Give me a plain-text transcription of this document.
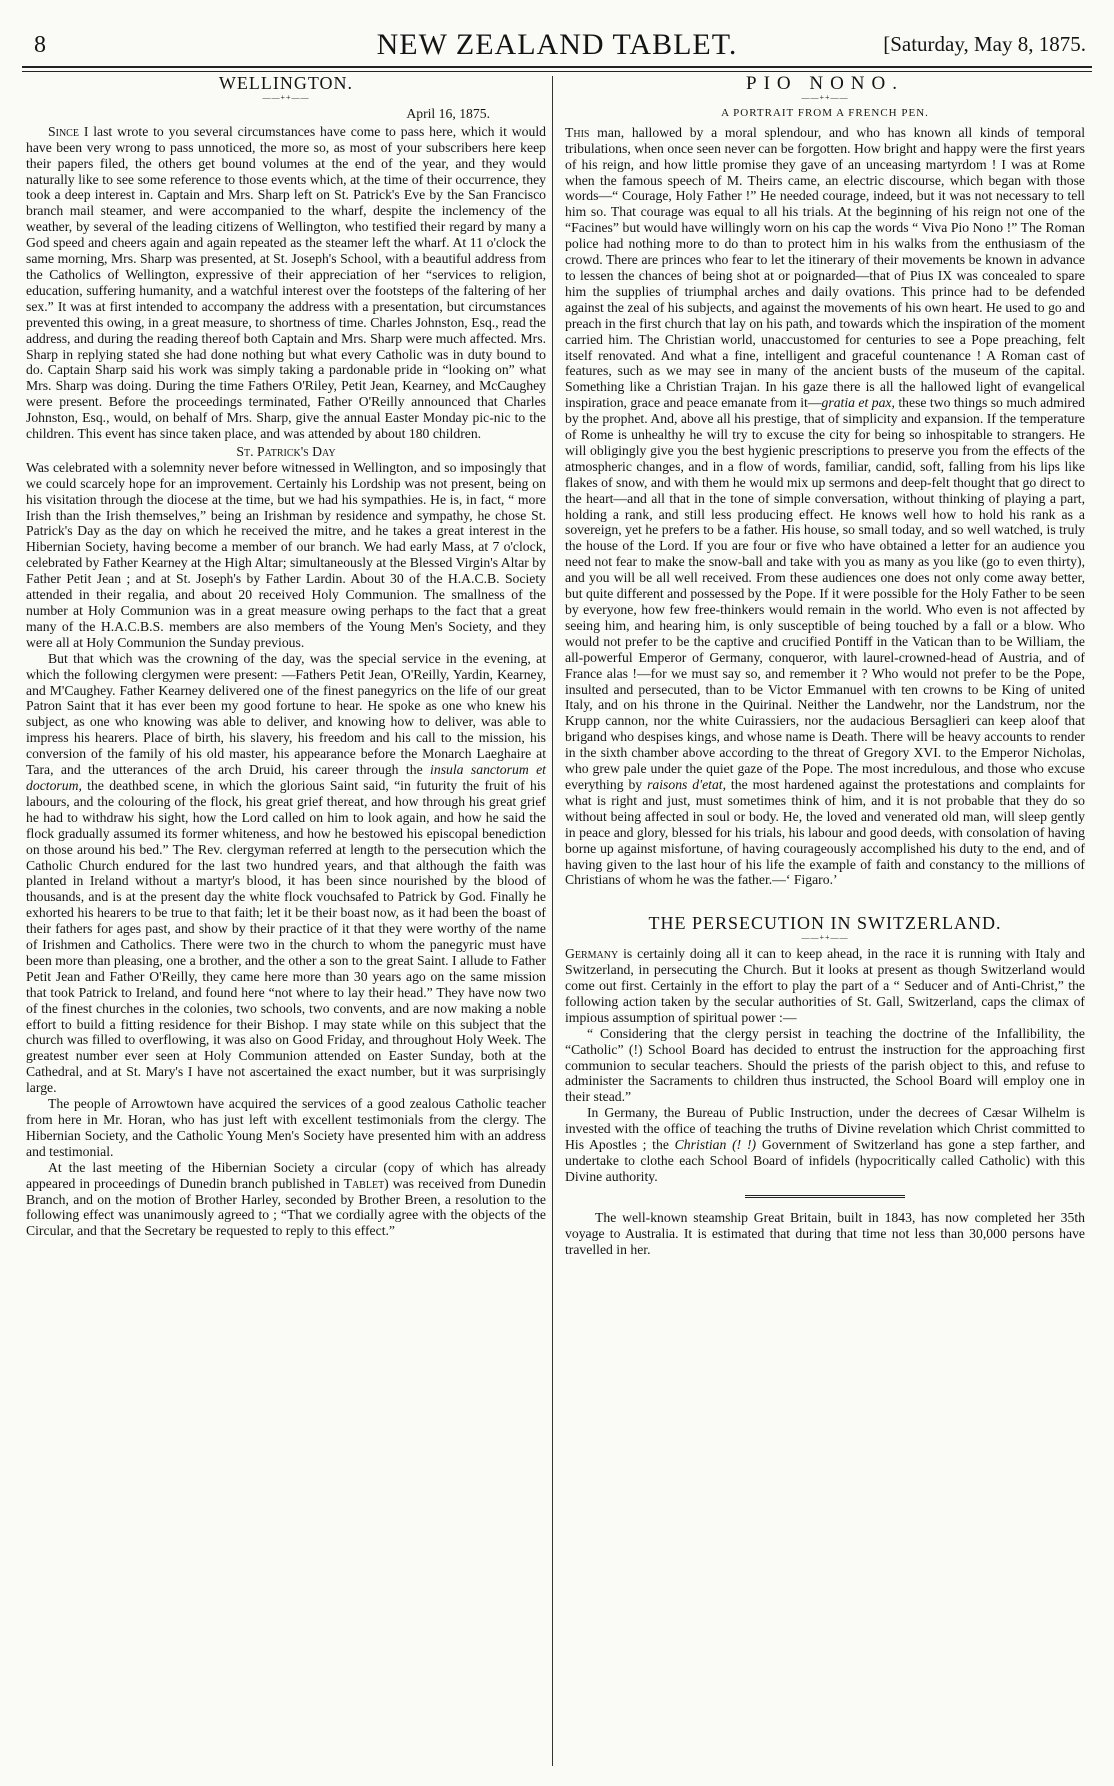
8	NEW ZEALAND TABLET.	[Saturday, May 8, 1875.
WELLINGTON.
——++——
April 16, 1875.

Since I last wrote to you several circumstances have come to pass here, which it would have been very wrong to pass unnoticed, the more so, as most of your subscribers here keep their papers filed, the others get bound volumes at the end of the year, and they would naturally like to see some reference to those events which, at the time of their occurrence, they took a deep interest in. Captain and Mrs. Sharp left on St. Patrick's Eve by the San Francisco branch mail steamer, and were accompanied to the wharf, despite the inclemency of the weather, by several of the leading citizens of Wellington, who testified their regard by many a God speed and cheers again and again repeated as the steamer left the wharf. At 11 o'clock the same morning, Mrs. Sharp was presented, at St. Joseph's School, with a beautiful address from the Catholics of Wellington, expressive of their appreciation of her “services to religion, education, suffering humanity, and a watchful interest over the footsteps of the faltering of her sex.” It was at first intended to accompany the address with a presentation, but circumstances prevented this owing, in a great measure, to shortness of time. Charles Johnston, Esq., read the address, and during the reading thereof both Captain and Mrs. Sharp were much affected. Mrs. Sharp in replying stated she had done nothing but what every Catholic was in duty bound to do. Captain Sharp said his work was simply taking a pardonable pride in “looking on” what Mrs. Sharp was doing. During the time Fathers O'Riley, Petit Jean, Kearney, and McCaughey were present. Before the proceedings terminated, Father O'Reilly announced that Charles Johnston, Esq., would, on behalf of Mrs. Sharp, give the annual Easter Monday pic-nic to the children. This event has since taken place, and was attended by about 180 children.

St. Patrick's Day

Was celebrated with a solemnity never before witnessed in Wellington, and so imposingly that we could scarcely hope for an improvement. Certainly his Lordship was not present, being on his visitation through the diocese at the time, but we had his sympathies. He is, in fact, “ more Irish than the Irish themselves,” being an Irishman by residence and sympathy, he chose St. Patrick's Day as the day on which he received the mitre, and he takes a great interest in the Hibernian Society, having become a member of our branch. We had early Mass, at 7 o'clock, celebrated by Father Kearney at the High Altar; simultaneously at the Blessed Virgin's Altar by Father Petit Jean ; and at St. Joseph's by Father Lardin. About 30 of the H.A.C.B. Society attended in their regalia, and about 20 received Holy Communion. The smallness of the number at Holy Communion was in a great measure owing perhaps to the fact that a great many of the H.A.C.B.S. members are also members of the Young Men's Society, and they were all at Holy Communion the Sunday previous.

But that which was the crowning of the day, was the special service in the evening, at which the following clergymen were present: —Fathers Petit Jean, O'Reilly, Yardin, Kearney, and M'Caughey. Father Kearney delivered one of the finest panegyrics on the life of our great Patron Saint that it has ever been my good fortune to hear. He spoke as one who knew his subject, as one who knowing was able to deliver, and knowing how to deliver, was able to impress his hearers. Place of birth, his slavery, his freedom and his call to the mission, his conversion of the family of his old master, his appearance before the Monarch Laeghaire at Tara, and the utterances of the arch Druid, his career through the insula sanctorum et doctorum, the deathbed scene, in which the glorious Saint said, “in futurity the fruit of his labours, and the colouring of the flock, his great grief thereat, and how through his great grief he had to withdraw his sight, how the Lord called on him to look again, and how he said the flock gradually assumed its former whiteness, and how he bestowed his episcopal benediction on those around his bed.” The Rev. clergyman referred at length to the persecution which the Catholic Church endured for the last two hundred years, and that although the faith was planted in Ireland without a martyr's blood, it has been since nourished by the blood of thousands, and is at the present day the white flock vouchsafed to Patrick by God. Finally he exhorted his hearers to be true to that faith; let it be their boast now, as it had been the boast of their fathers for ages past, and show by their practice of it that they were worthy of the name of Irishmen and Catholics. There were two in the church to whom the panegyric must have been more than pleasing, one a brother, and the other a son to the great Saint. I allude to Father Petit Jean and Father O'Reilly, they came here more than 30 years ago on the same mission that took Patrick to Ireland, and found here “not where to lay their head.” They have now two of the finest churches in the colonies, two schools, two convents, and are now making a noble effort to build a fitting residence for their Bishop. I may state while on this subject that the church was filled to overflowing, it was also on Good Friday, and throughout Holy Week. The greatest number ever seen at Holy Communion attended on Easter Sunday, both at the Cathedral, and at St. Mary's I have not ascertained the exact number, but it was surprisingly large.

The people of Arrowtown have acquired the services of a good zealous Catholic teacher from here in Mr. Horan, who has just left with excellent testimonials from the clergy. The Hibernian Society, and the Catholic Young Men's Society have presented him with an address and testimonial.

At the last meeting of the Hibernian Society a circular (copy of which has already appeared in proceedings of Dunedin branch published in Tablet) was received from Dunedin Branch, and on the motion of Brother Harley, seconded by Brother Breen, a resolution to the following effect was unanimously agreed to ; “That we cordially agree with the objects of the Circular, and that the Secretary be requested to reply to this effect.”

PIO NONO.
——++——
A PORTRAIT FROM A FRENCH PEN.

This man, hallowed by a moral splendour, and who has known all kinds of temporal tribulations, when once seen never can be forgotten. How bright and happy were the first years of his reign, and how little promise they gave of an unceasing martyrdom ! I was at Rome when the famous speech of M. Theirs came, an electric discourse, which began with those words—“ Courage, Holy Father !” He needed courage, indeed, but it was not necessary to tell him so. That courage was equal to all his trials. At the beginning of his reign not one of the “Facines” but would have willingly worn on his cap the words “ Viva Pio Nono !” The Roman police had nothing more to do than to protect him in his walks from the enthusiasm of the crowd. There are princes who fear to let the itinerary of their movements be known in advance to lessen the chances of being shot at or poignarded—that of Pius IX was concealed to spare him the supplies of triumphal arches and daily ovations. This prince had to be defended against the zeal of his subjects, and against the movements of his own heart. He used to go and preach in the first church that lay on his path, and towards which the inspiration of the moment carried him. The Christian world, unaccustomed for centuries to see a Pope preaching, felt itself renovated. And what a fine, intelligent and graceful countenance ! A Roman cast of features, such as we may see in many of the ancient busts of the museum of the capital. Something like a Christian Trajan. In his gaze there is all the hallowed light of evangelical inspiration, grace and peace emanate from it—gratia et pax, these two things so much admired by the prophet. And, above all his prestige, that of simplicity and expansion. If the temperature of Rome is unhealthy he will try to excuse the city for being so inhospitable to strangers. He will obligingly give you the best hygienic prescriptions to preserve you from the effects of the atmospheric changes, and in a flow of words, familiar, candid, soft, falling from his lips like flakes of snow, and with them he would mix up sermons and deep-felt thought that go direct to the heart—and all that in the tone of simple conversation, without thinking of playing a part, holding a rank, and still less producing effect. He knows well how to hold his rank as a sovereign, yet he prefers to be a father. His house, so small today, and so well watched, is truly the house of the Lord. If you are four or five who have obtained a letter for an audience you need not fear to make the snow-ball and take with you as many as you like (go to even thirty), and you will be all well received. From these audiences one does not only come away better, but quite different and possessed by the Pope. If it were possible for the Holy Father to be seen by everyone, how few free-thinkers would remain in the world. Who even is not affected by seeing him, and hearing him, is only susceptible of being touched by a fall or a blow. Who would not prefer to be the captive and crucified Pontiff in the Vatican than to be William, the all-powerful Emperor of Germany, conqueror, with laurel-crowned-head of Austria, and of France alas !—for we must say so, and remember it ? Who would not prefer to be the Pope, insulted and persecuted, than to be Victor Emmanuel with ten crowns to be King of united Italy, and on his throne in the Quirinal. Neither the Landwehr, nor the Landstrum, nor the Krupp cannon, nor the white Cuirassiers, nor the audacious Bersaglieri can keep aloof that brigand who despises kings, and whose name is Death. There will be heavy accounts to render in the sixth chamber above according to the threat of Gregory XVI. to the Emperor Nicholas, who grew pale under the quiet gaze of the Pope. The most incredulous, and those who excuse everything by raisons d'etat, the most hardened against the protestations and complaints for what is right and just, must sometimes think of him, and it is not probable that they do so without being affected in soul or body. He, the loved and venerated old man, will sleep gently in peace and glory, blessed for his trials, his labour and good deeds, with consolation of having borne up against misfortune, of having courageously accomplished his duty to the end, and of having given to the last hour of his life the example of faith and constancy to the millions of Christians of whom he was the father.—‘ Figaro.’

THE PERSECUTION IN SWITZERLAND.
——++——

Germany is certainly doing all it can to keep ahead, in the race it is running with Italy and Switzerland, in persecuting the Church. But it looks at present as though Switzerland would come out first. Certainly in the effort to play the part of a “ Seducer and of Anti-Christ,” the following action taken by the secular authorities of St. Gall, Switzerland, caps the climax of impious assumption of spiritual power :—

“ Considering that the clergy persist in teaching the doctrine of the Infallibility, the “Catholic” (!) School Board has decided to entrust the instruction for the approaching first communion to secular teachers. Should the priests of the parish object to this, and refuse to administer the Sacraments to children thus instructed, the School Board will employ one in their stead.”

In Germany, the Bureau of Public Instruction, under the decrees of Cæsar Wilhelm is invested with the office of teaching the truths of Divine revelation which Christ committed to His Apostles ; the Christian (! !) Government of Switzerland has gone a step farther, and undertake to clothe each School Board of infidels (hypocritically called Catholic) with this Divine authority.

The well-known steamship Great Britain, built in 1843, has now completed her 35th voyage to Australia. It is estimated that during that time not less than 30,000 persons have travelled in her.
